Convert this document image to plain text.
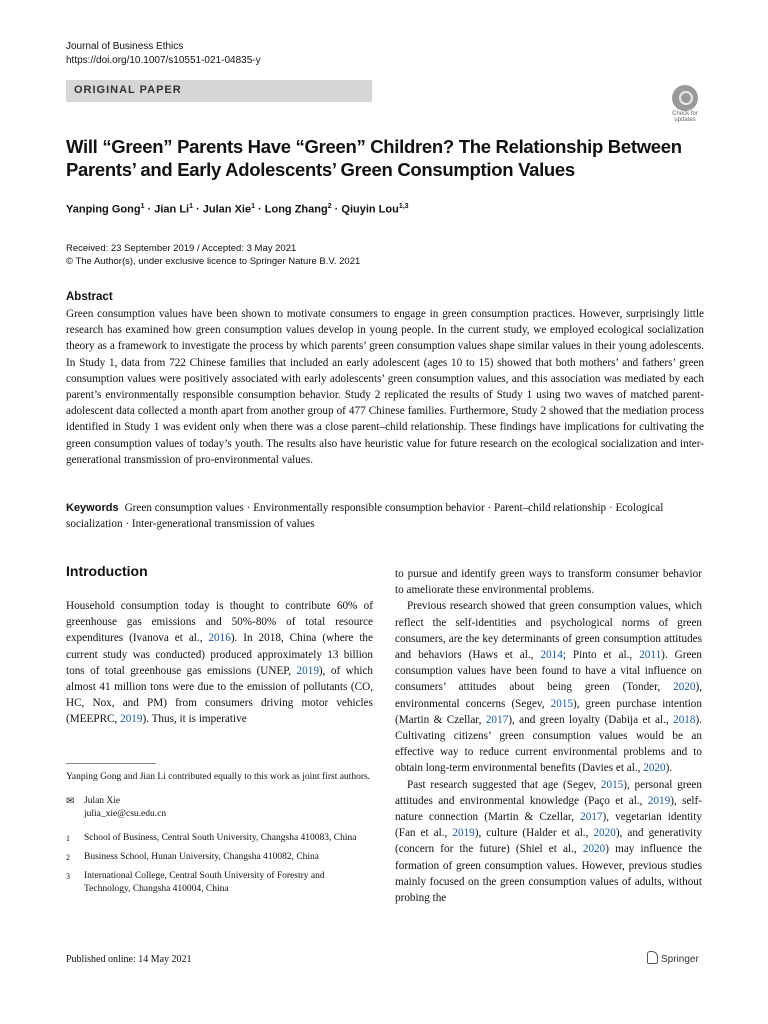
Journal of Business Ethics
https://doi.org/10.1007/s10551-021-04835-y
ORIGINAL PAPER
Check for
updates
Will “Green” Parents Have “Green” Children? The Relationship Between Parents’ and Early Adolescents’ Green Consumption Values
Yanping Gong$^1$ · Jian $Li^1$ · Julan Xie$^1$ · Long Zhang$^2$ · Qiuyin Lou$^{1,3}$
Received: 23 September 2019 / Accepted: 3 May 2021
© The Author(s), under exclusive licence to Springer Nature B.V. 2021
Abstract
Green consumption values have been shown to motivate consumers to engage in green consumption practices. However, surprisingly little research has examined how green consumption values develop in young people. In the current study, we employed ecological socialization theory as a framework to investigate the process by which parents’ green consumption values shape similar values in their young adolescents. In Study 1, data from 722 Chinese families that included an early adolescent (ages 10 to 15) showed that both mothers’ and fathers’ green consumption values were positively associated with early adolescents’ green consumption values, and this association was mediated by each parent’s environmentally responsible consumption behavior. Study 2 replicated the results of Study 1 using two waves of matched parent-adolescent data collected a month apart from another group of 477 Chinese families. Furthermore, Study 2 showed that the mediation process identified in Study 1 was evident only when there was a close parent–child relationship. These findings have implications for cultivating the green consumption values of today’s youth. The results also have heuristic value for future research on the ecological socialization and inter-generational transmission of pro-environmental values.
Keywords Green consumption values · Environmentally responsible consumption behavior · Parent–child relationship · Ecological socialization · Inter-generational transmission of values
Introduction

Household consumption today is thought to contribute 60% of greenhouse gas emissions and 50%-80% of total resource expenditures (Ivanova et al., 2016). In 2018, China (where the current study was conducted) produced approximately 13 billion tons of total greenhouse gas emissions (UNEP, 2019), of which almost 41 million tons were due to the emission of pollutants (CO, HC, Nox, and PM) from consumers driving motor vehicles (MEEPRC, 2019). Thus, it is imperative

to pursue and identify green ways to transform consumer behavior to ameliorate these environmental problems.

Previous research showed that green consumption values, which reflect the self-identities and psychological norms of green consumers, are the key determinants of green consumption attitudes and behaviors (Haws et al., 2014; Pinto et al., 2011). Green consumption values have been found to have a vital influence on consumers’ attitudes about being green (Tonder, 2020), environmental concerns (Segev, 2015), green purchase intention (Martin & Czellar, 2017), and green loyalty (Dabija et al., 2018). Cultivating citizens’ green consumption values would be an effective way to reduce current environmental problems and to obtain long-term environmental benefits (Davies et al., 2020).

Past research suggested that age (Segev, 2015), personal green attitudes and environmental knowledge (Paço et al., 2019), self-nature connection (Martin & Czellar, 2017), vegetarian identity (Fan et al., 2019), culture (Halder et al., 2020), and generativity (concern for the future) (Shiel et al., 2020) may influence the formation of green consumption values. However, previous studies mainly focused on the green consumption values of adults, without probing the

Yanping Gong and Jian Li contributed equally to this work as joint first authors.
✉ Julan Xie
julia_xie@csu.edu.cn
1 School of Business, Central South University, Changsha 410083, China
2 Business School, Hunan University, Changsha 410082, China
3 International College, Central South University of Forestry and Technology, Changsha 410004, China
Published online: 14 May 2021	Springer
